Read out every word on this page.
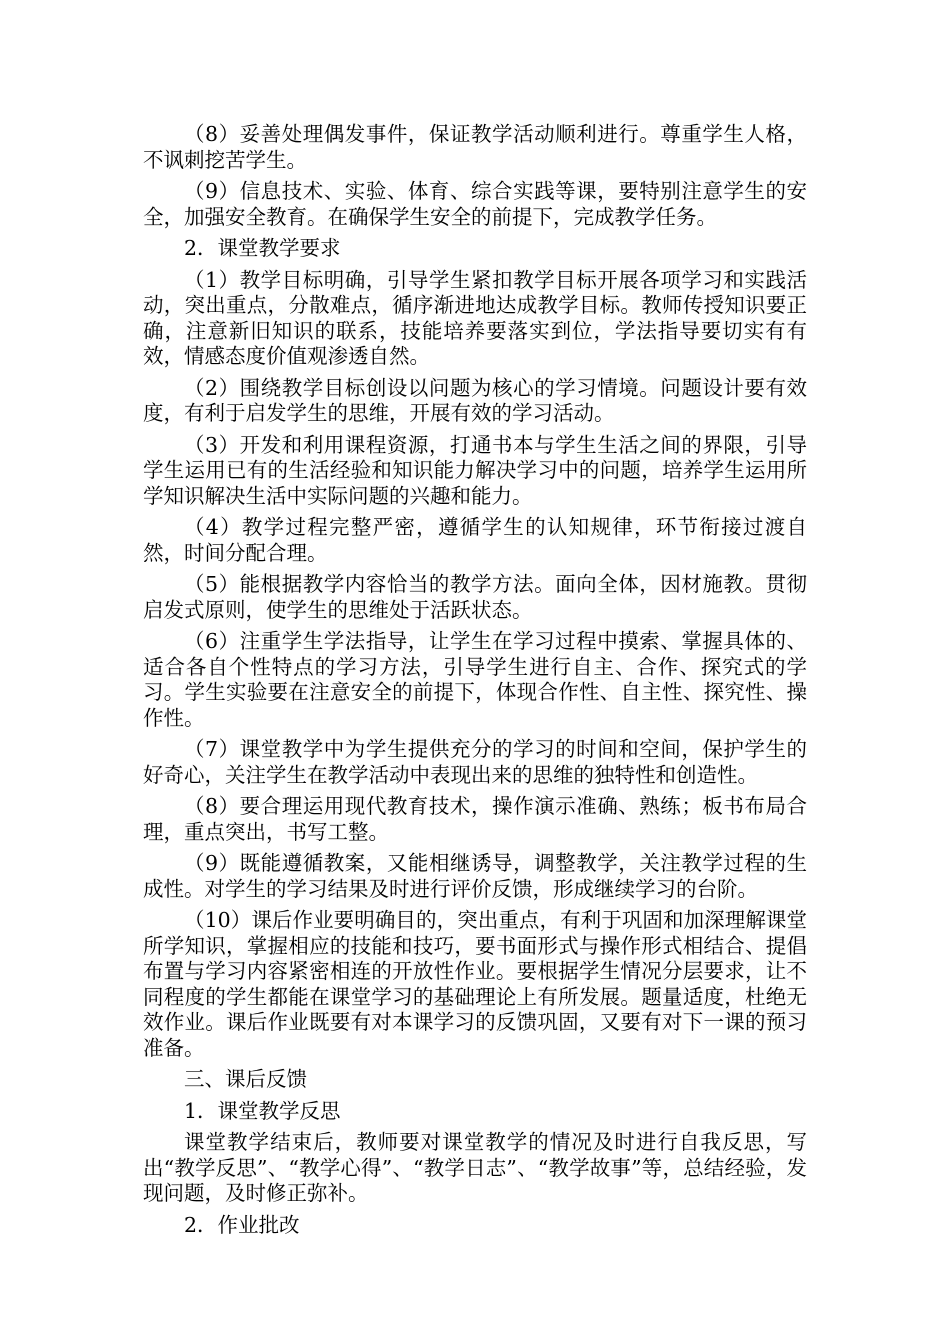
（8）妥善处理偶发事件，保证教学活动顺利进行。尊重学生人格，不讽刺挖苦学生。

（9）信息技术、实验、体育、综合实践等课，要特别注意学生的安全，加强安全教育。在确保学生安全的前提下，完成教学任务。

2．课堂教学要求

（1）教学目标明确，引导学生紧扣教学目标开展各项学习和实践活动，突出重点，分散难点，循序渐进地达成教学目标。教师传授知识要正确，注意新旧知识的联系，技能培养要落实到位，学法指导要切实有有效，情感态度价值观渗透自然。

（2）围绕教学目标创设以问题为核心的学习情境。问题设计要有效度，有利于启发学生的思维，开展有效的学习活动。

（3）开发和利用课程资源，打通书本与学生生活之间的界限，引导学生运用已有的生活经验和知识能力解决学习中的问题，培养学生运用所学知识解决生活中实际问题的兴趣和能力。

（4）教学过程完整严密，遵循学生的认知规律，环节衔接过渡自然，时间分配合理。

（5）能根据教学内容恰当的教学方法。面向全体，因材施教。贯彻启发式原则，使学生的思维处于活跃状态。

（6）注重学生学法指导，让学生在学习过程中摸索、掌握具体的、适合各自个性特点的学习方法，引导学生进行自主、合作、探究式的学习。学生实验要在注意安全的前提下，体现合作性、自主性、探究性、操作性。

（7）课堂教学中为学生提供充分的学习的时间和空间，保护学生的好奇心，关注学生在教学活动中表现出来的思维的独特性和创造性。

（8）要合理运用现代教育技术，操作演示准确、熟练；板书布局合理，重点突出，书写工整。

（9）既能遵循教案，又能相继诱导，调整教学，关注教学过程的生成性。对学生的学习结果及时进行评价反馈，形成继续学习的台阶。

（10）课后作业要明确目的，突出重点，有利于巩固和加深理解课堂所学知识，掌握相应的技能和技巧，要书面形式与操作形式相结合、提倡布置与学习内容紧密相连的开放性作业。要根据学生情况分层要求，让不同程度的学生都能在课堂学习的基础理论上有所发展。题量适度，杜绝无效作业。课后作业既要有对本课学习的反馈巩固，又要有对下一课的预习准备。

三、课后反馈

1．课堂教学反思

课堂教学结束后，教师要对课堂教学的情况及时进行自我反思，写出“教学反思”、“教学心得”、“教学日志”、“教学故事”等，总结经验，发现问题，及时修正弥补。

2．作业批改
